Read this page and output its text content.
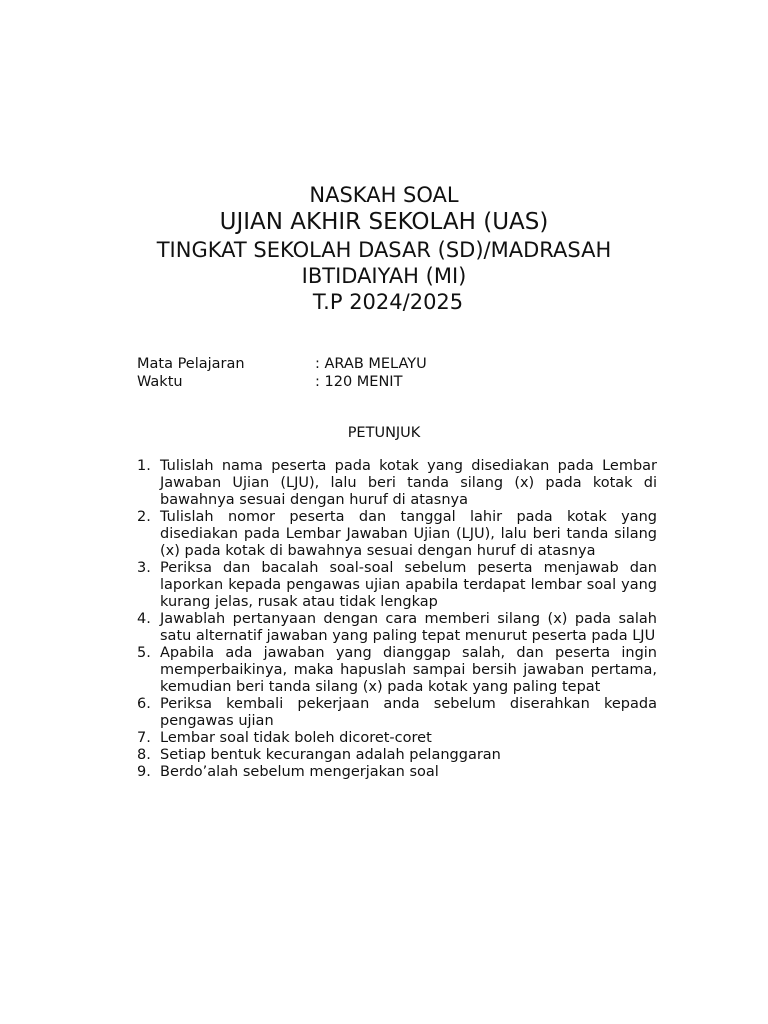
NASKAH SOAL
UJIAN AKHIR SEKOLAH (UAS)
TINGKAT SEKOLAH DASAR (SD)/MADRASAH
IBTIDAIYAH (MI)
T.P 2024/2025
Mata Pelajaran	: ARAB MELAYU
Waktu	: 120 MENIT
PETUNJUK
1. Tulislah nama peserta pada kotak yang disediakan pada Lembar Jawaban Ujian (LJU), lalu beri tanda silang (x) pada kotak di bawahnya sesuai dengan huruf di atasnya
2. Tulislah nomor peserta dan tanggal lahir pada kotak yang disediakan pada Lembar Jawaban Ujian (LJU), lalu beri tanda silang (x) pada kotak di bawahnya sesuai dengan huruf di atasnya
3. Periksa dan bacalah soal-soal sebelum peserta menjawab dan laporkan kepada pengawas ujian apabila terdapat lembar soal yang kurang jelas, rusak atau tidak lengkap
4. Jawablah pertanyaan dengan cara memberi silang (x) pada salah satu alternatif jawaban yang paling tepat menurut peserta pada LJU
5. Apabila ada jawaban yang dianggap salah, dan peserta ingin memperbaikinya, maka hapuslah sampai bersih jawaban pertama, kemudian beri tanda silang (x) pada kotak yang paling tepat
6. Periksa kembali pekerjaan anda sebelum diserahkan kepada pengawas ujian
7. Lembar soal tidak boleh dicoret-coret
8. Setiap bentuk kecurangan adalah pelanggaran
9. Berdo’alah sebelum mengerjakan soal
